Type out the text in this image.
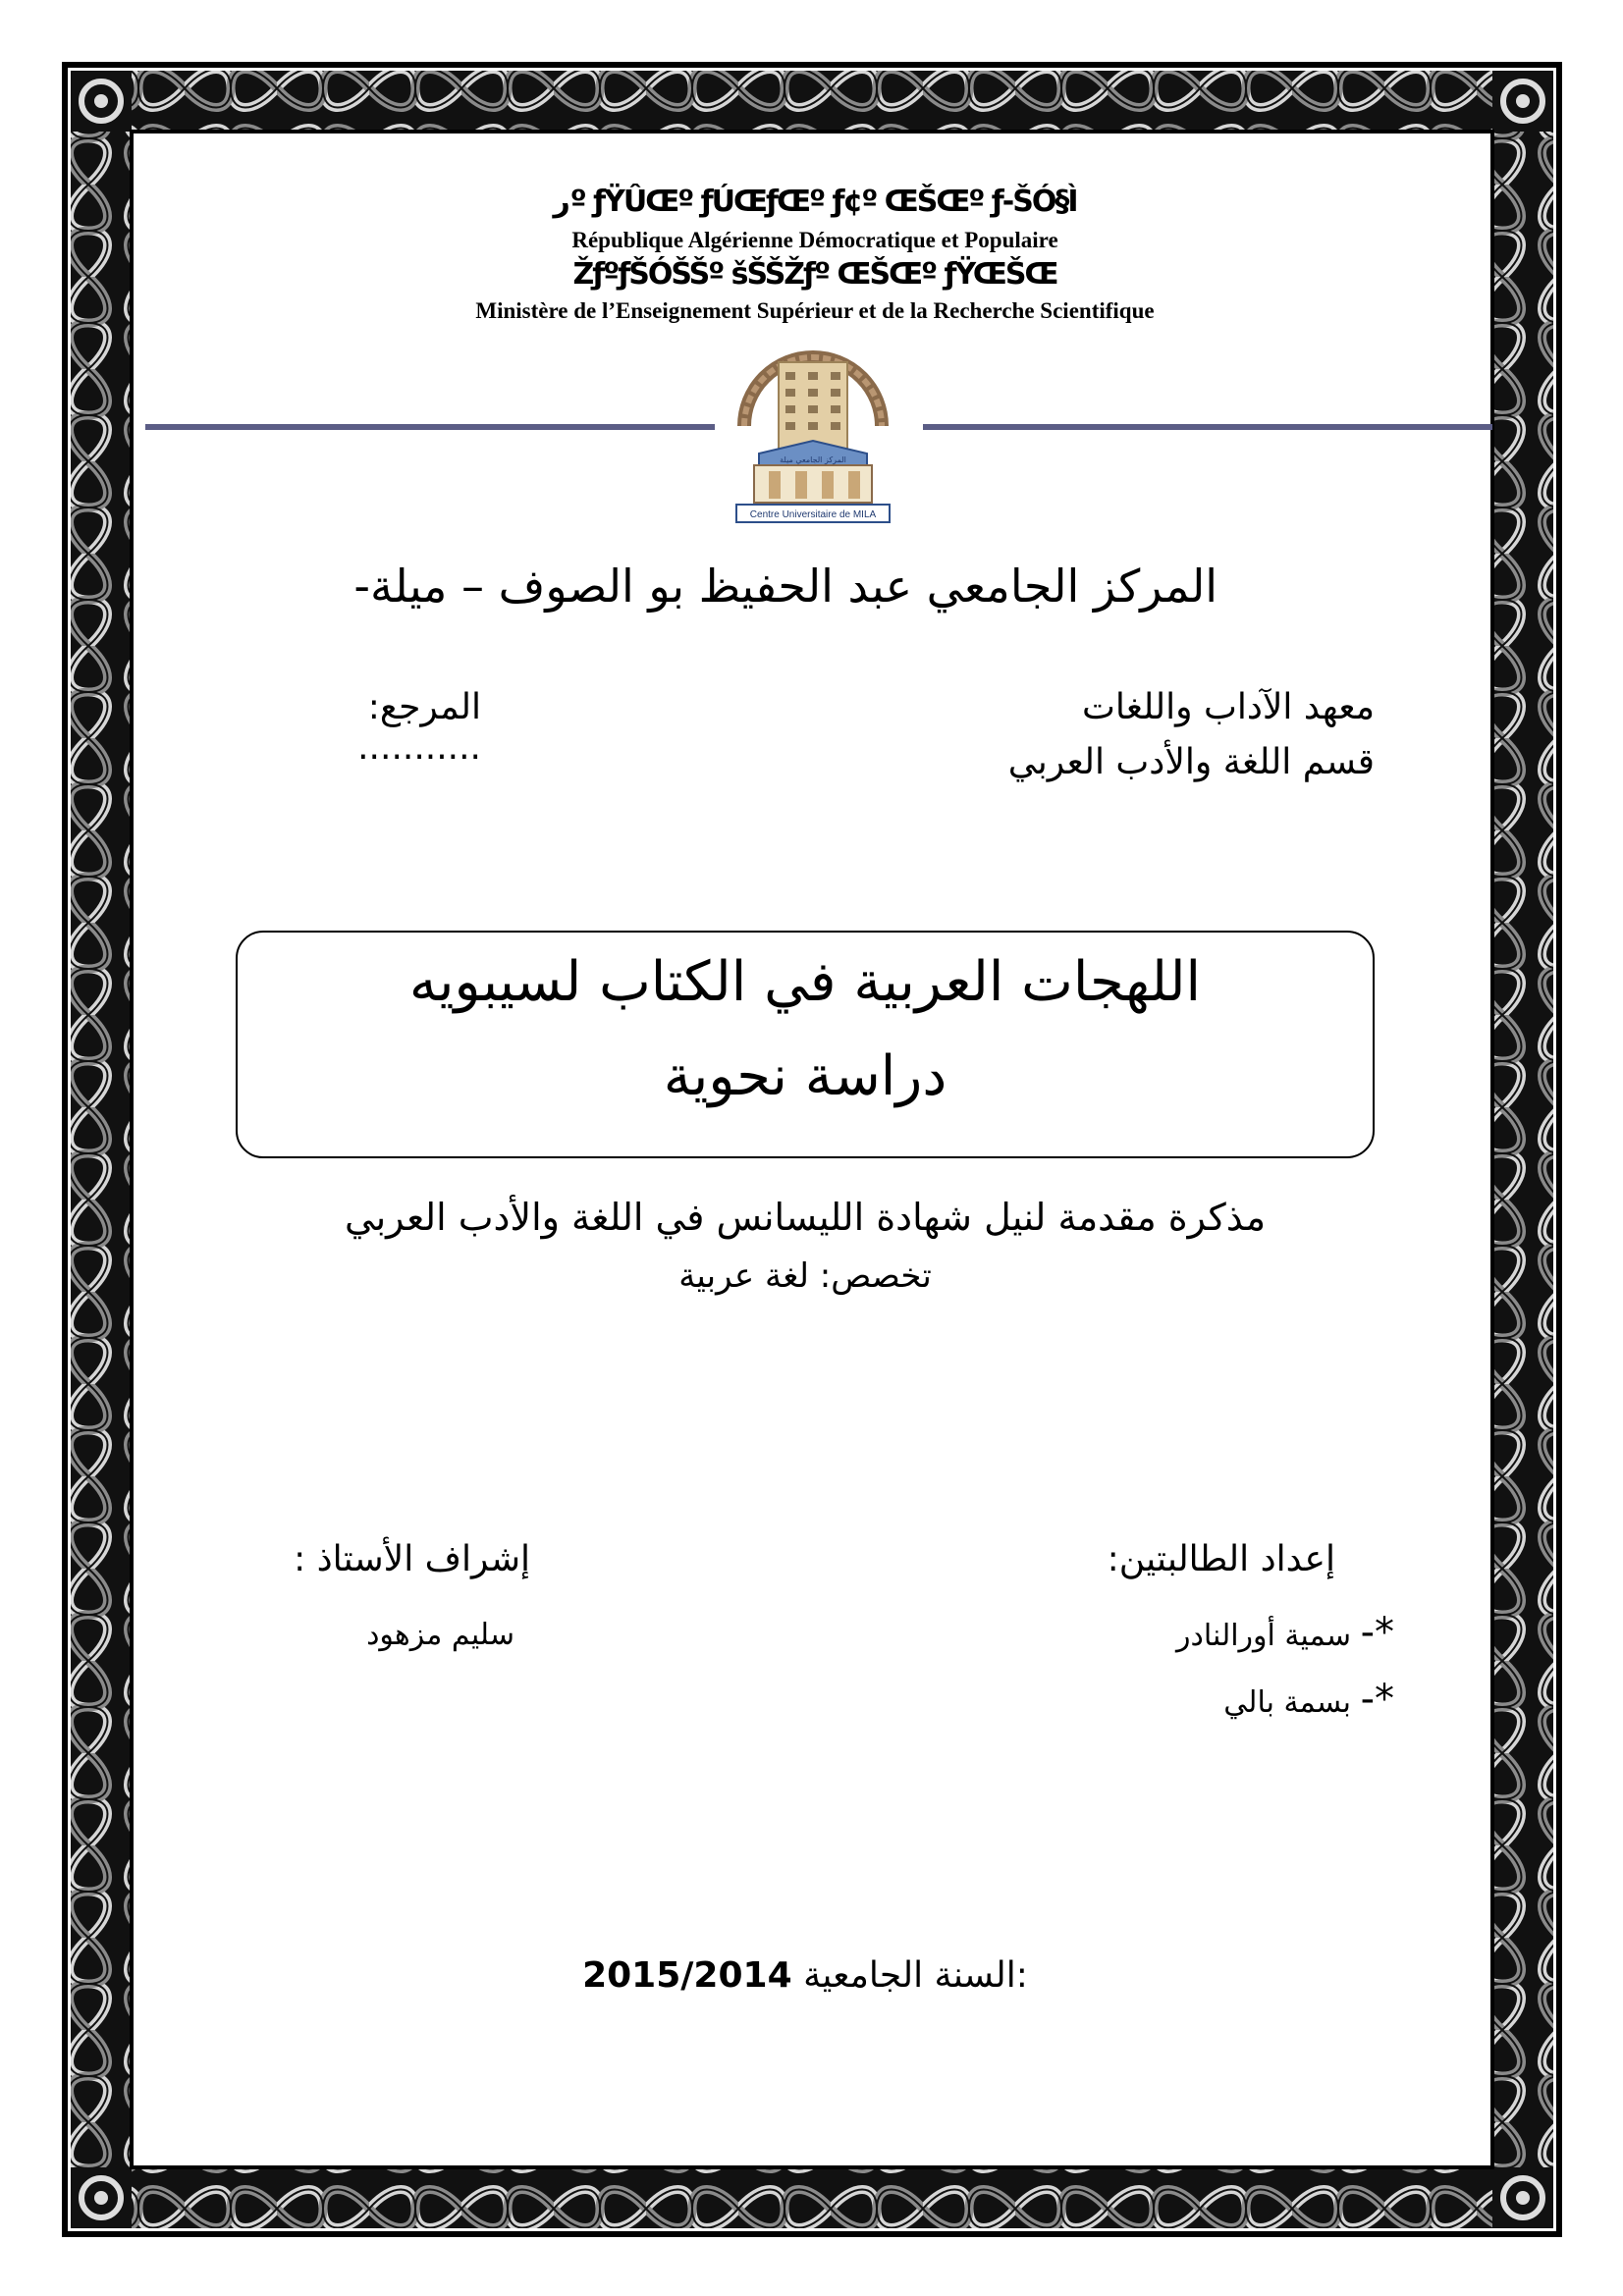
ﺭº ƒŸÛŒº ƒÚŒƒŒº ƒ¢º ŒŠŒº ƒ-ŠÓ§Ì
République Algérienne Démocratique et Populaire
ŽƒºƒŠÓŠŠº šŠŠŽƒº ŒŠŒº ƒŸŒŠŒ
Ministère de l’Enseignement Supérieur et de la Recherche Scientifique
المركز الجامعي ميلة
Centre Universitaire de MILA
المركز الجامعي عبد الحفيظ بو الصوف – ميلة-
معهد الآداب واللغات
قسم اللغة والأدب العربي
المرجع: ...........
اللهجات العربية في الكتاب لسيبويه
دراسة نحوية
مذكرة مقدمة لنيل شهادة الليسانس في اللغة والأدب العربي
تخصص: لغة عربية
إعداد الطالبتين:
*- سمية أورالنادر
*- بسمة بالي
إشراف الأستاذ :
سليم مزهود
2015/2014 السنة الجامعية:
